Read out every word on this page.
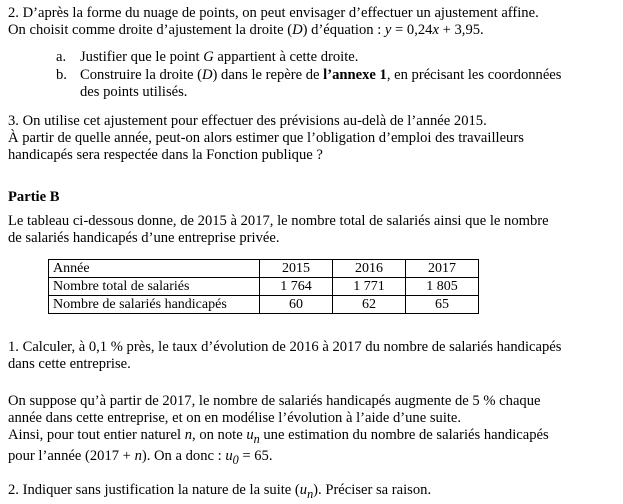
2. D’après la forme du nuage de points, on peut envisager d’effectuer un ajustement affine.

On choisit comme droite d’ajustement la droite (D) d’équation : y = 0,24x + 3,95.

a. Justifier que le point G appartient à cette droite.

b. Construire la droite (D) dans le repère de l’annexe 1, en précisant les coordonnées

des points utilisés.

3. On utilise cet ajustement pour effectuer des prévisions au-delà de l’année 2015.

À partir de quelle année, peut-on alors estimer que l’obligation d’emploi des travailleurs

handicapés sera respectée dans la Fonction publique ?

Partie B

Le tableau ci-dessous donne, de 2015 à 2017, le nombre total de salariés ainsi que le nombre

de salariés handicapés d’une entreprise privée.

Année	2015	2016	2017
Nombre total de salariés	1 764	1 771	1 805
Nombre de salariés handicapés	60	62	65

1. Calculer, à 0,1 % près, le taux d’évolution de 2016 à 2017 du nombre de salariés handicapés

dans cette entreprise.

On suppose qu’à partir de 2017, le nombre de salariés handicapés augmente de 5 % chaque

année dans cette entreprise, et on en modélise l’évolution à l’aide d’une suite.

Ainsi, pour tout entier naturel n, on note $u_n$ une estimation du nombre de salariés handicapés

pour l’année (2017 + n). On a donc : $u_0 = 65$.

2. Indiquer sans justification la nature de la suite $(u_n)$. Préciser sa raison.
